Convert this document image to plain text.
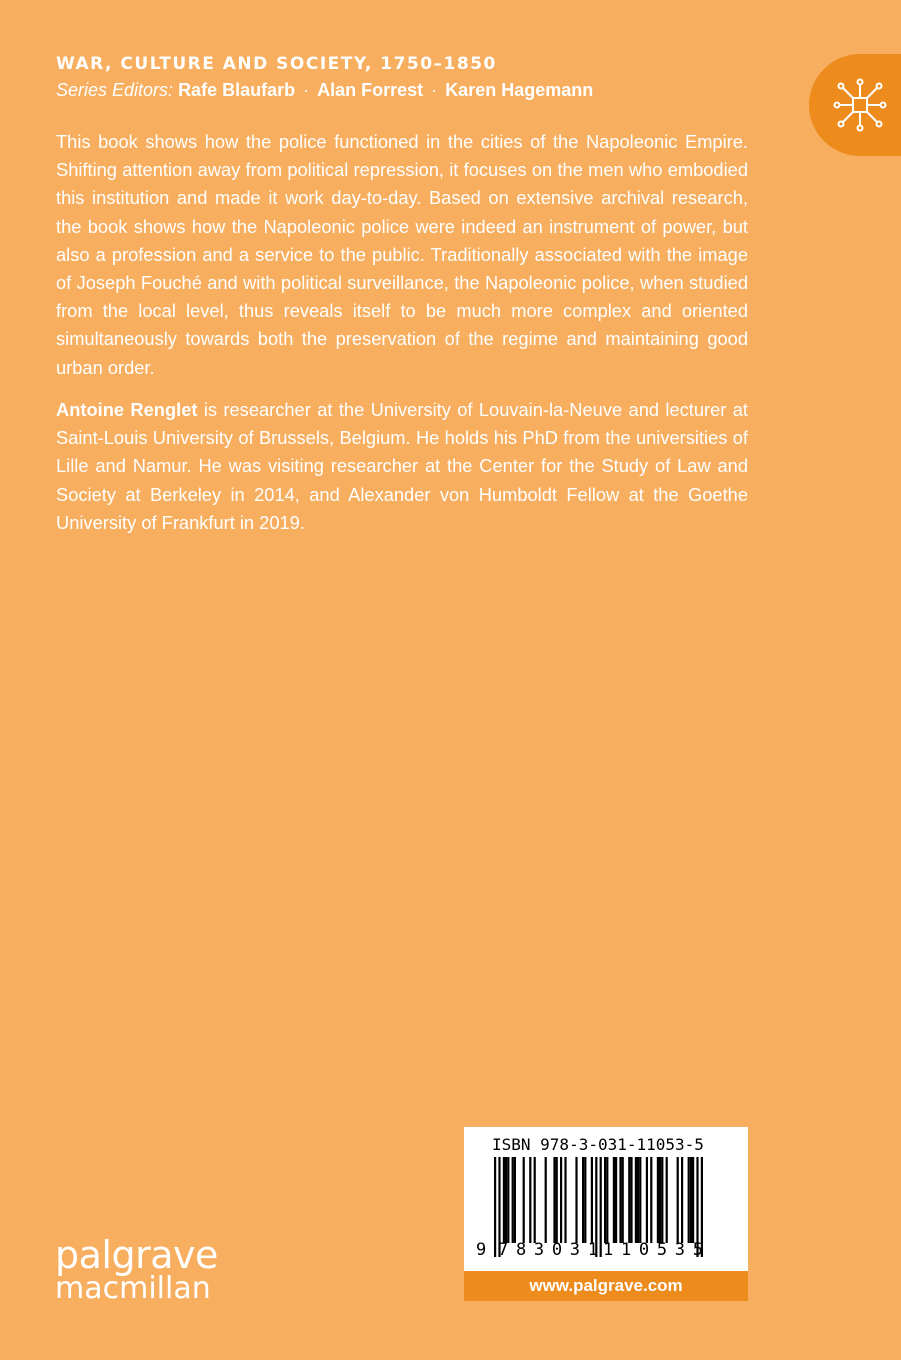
WAR, CULTURE AND SOCIETY, 1750–1850
Series Editors: Rafe Blaufarb · Alan Forrest · Karen Hagemann

This book shows how the police functioned in the cities of the Napoleonic Empire. Shifting attention away from political repression, it focuses on the men who embodied this institution and made it work day-to-day. Based on extensive archival research, the book shows how the Napoleonic police were indeed an instrument of power, but also a profession and a service to the public. Traditionally associated with the image of Joseph Fouché and with political surveillance, the Napoleonic police, when studied from the local level, thus reveals itself to be much more complex and oriented simultaneously towards both the preservation of the regime and maintaining good urban order.

Antoine Renglet is researcher at the University of Louvain-la-Neuve and lecturer at Saint-Louis University of Brussels, Belgium. He holds his PhD from the universities of Lille and Namur. He was visiting researcher at the Center for the Study of Law and Society at Berkeley in 2014, and Alexander von Humboldt Fellow at the Goethe University of Frankfurt in 2019.

palgrave
macmillan
9 783031 110535
ISBN 978-3-031-11053-5
www.palgrave.com
